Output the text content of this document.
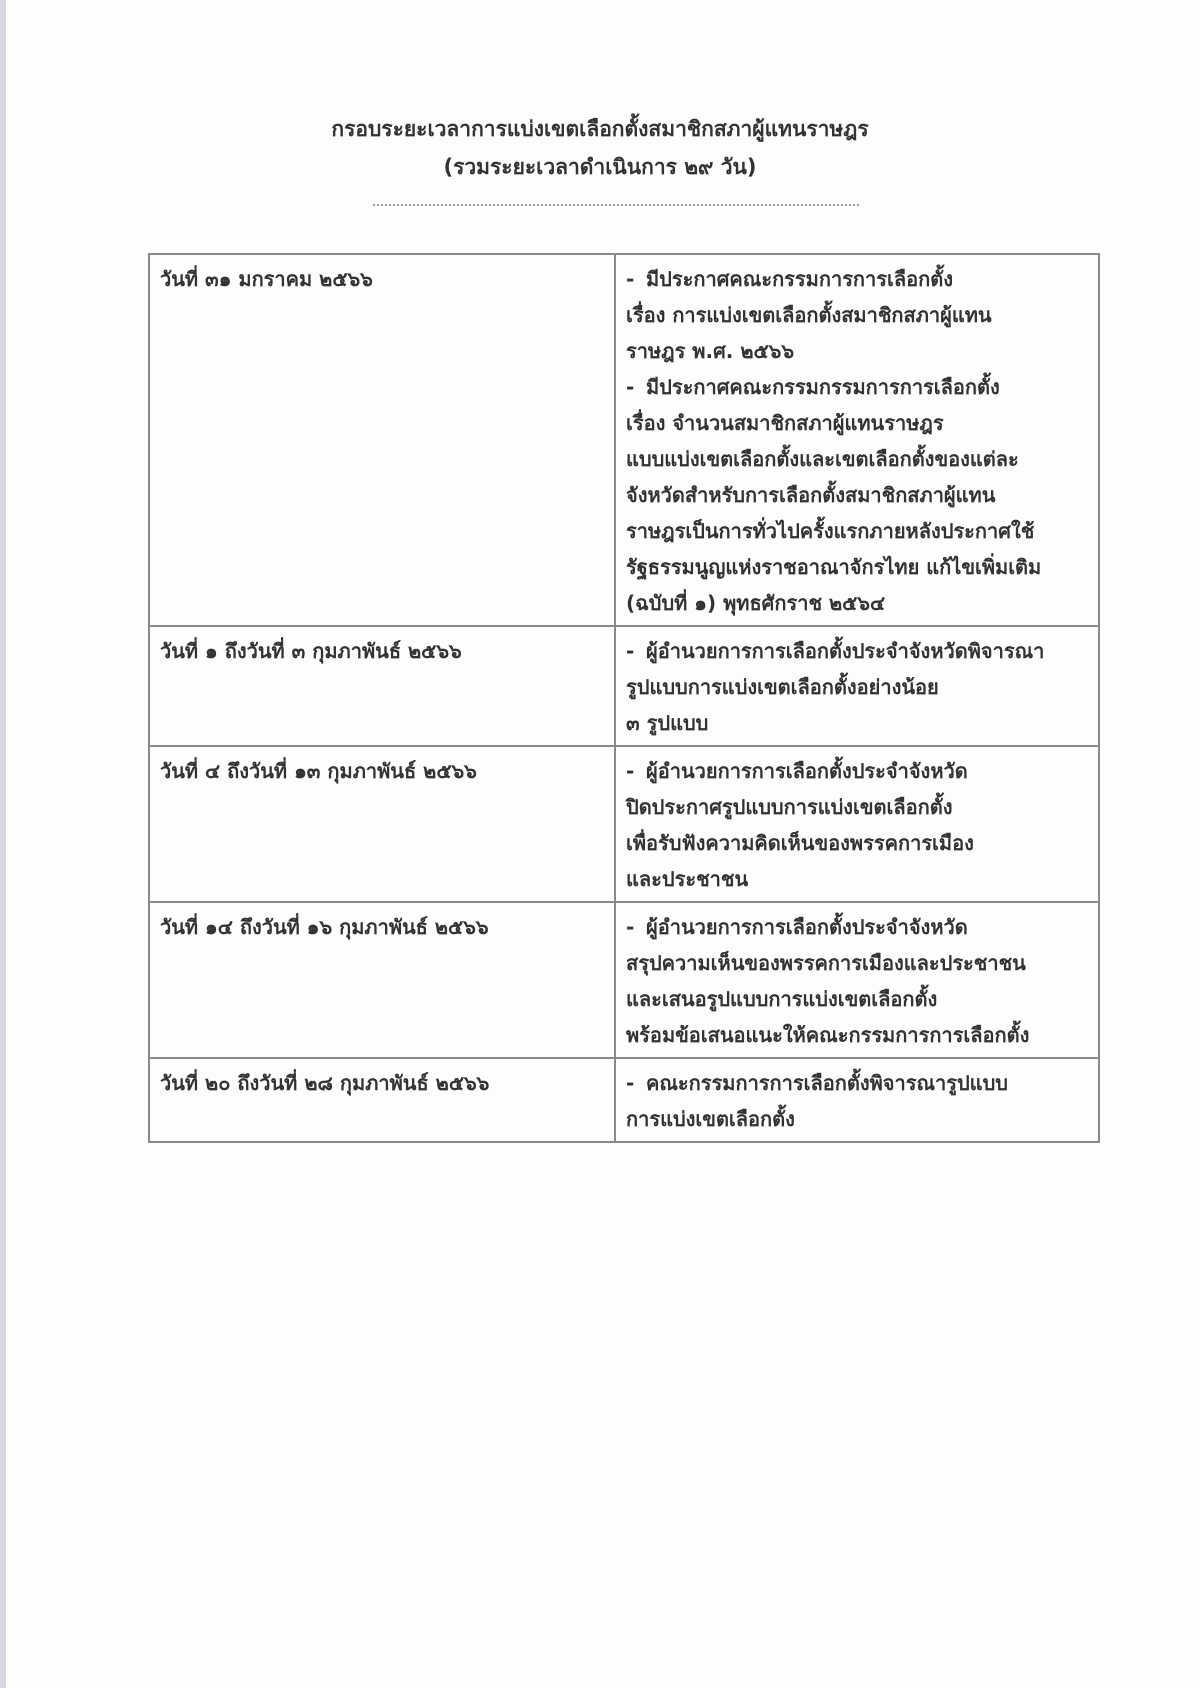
กรอบระยะเวลาการแบ่งเขตเลือกตั้งสมาชิกสภาผู้แทนราษฎร
(รวมระยะเวลาดำเนินการ ๒๙ วัน)
วันที่ ๓๑ มกราคม ๒๕๖๖	- มีประกาศคณะกรรมการการเลือกตั้ง
เรื่อง การแบ่งเขตเลือกตั้งสมาชิกสภาผู้แทน
ราษฎร พ.ศ. ๒๕๖๖
- มีประกาศคณะกรรมกรรมการการเลือกตั้ง
เรื่อง จำนวนสมาชิกสภาผู้แทนราษฎร
แบบแบ่งเขตเลือกตั้งและเขตเลือกตั้งของแต่ละ
จังหวัดสำหรับการเลือกตั้งสมาชิกสภาผู้แทน
ราษฎรเป็นการทั่วไปครั้งแรกภายหลังประกาศใช้
รัฐธรรมนูญแห่งราชอาณาจักรไทย แก้ไขเพิ่มเติม
(ฉบับที่ ๑) พุทธศักราช ๒๕๖๔

วันที่ ๑ ถึงวันที่ ๓ กุมภาพันธ์ ๒๕๖๖	- ผู้อำนวยการการเลือกตั้งประจำจังหวัดพิจารณา
รูปแบบการแบ่งเขตเลือกตั้งอย่างน้อย
๓ รูปแบบ

วันที่ ๔ ถึงวันที่ ๑๓ กุมภาพันธ์ ๒๕๖๖	- ผู้อำนวยการการเลือกตั้งประจำจังหวัด
ปิดประกาศรูปแบบการแบ่งเขตเลือกตั้ง
เพื่อรับฟังความคิดเห็นของพรรคการเมือง
และประชาชน

วันที่ ๑๔ ถึงวันที่ ๑๖ กุมภาพันธ์ ๒๕๖๖	- ผู้อำนวยการการเลือกตั้งประจำจังหวัด
สรุปความเห็นของพรรคการเมืองและประชาชน
และเสนอรูปแบบการแบ่งเขตเลือกตั้ง
พร้อมข้อเสนอแนะให้คณะกรรมการการเลือกตั้ง

วันที่ ๒๐ ถึงวันที่ ๒๘ กุมภาพันธ์ ๒๕๖๖	- คณะกรรมการการเลือกตั้งพิจารณารูปแบบ
การแบ่งเขตเลือกตั้ง
